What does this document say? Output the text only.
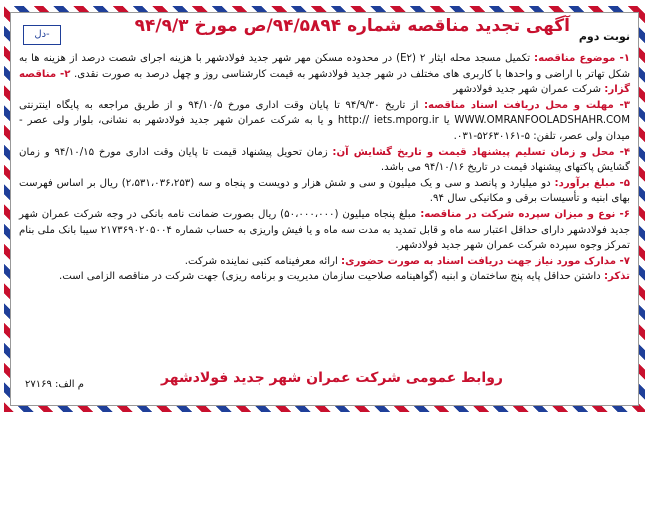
نوبت دوم
آگهی تجدید مناقصه شماره ۹۴/۵۸۹۴/ص مورخ ۹۴/۹/۳
دل-

۱- موضوع مناقصه: تکمیل مسجد محله ایثار ۲ (E۲) در محدوده مسکن مهر شهر جدید فولادشهر با هزینه اجرای شصت درصد از هزینه ها به شکل تهاتر با اراضی و واحدها با کاربری های مختلف در شهر جدید فولادشهر به قیمت کارشناسی روز و چهل درصد به صورت نقدی. ۲- مناقصه گزار: شرکت عمران شهر جدید فولادشهر

۳- مهلت و محل دریافت اسناد مناقصه: از تاریخ ۹۴/۹/۳۰ تا پایان وقت اداری مورخ ۹۴/۱۰/۵ و از طریق مراجعه به پایگاه اینترنتی WWW.OMRANFOOLADSHAHR.COM یا http:// iets.mporg.ir و یا به شرکت عمران شهر جدید فولادشهر به نشانی، بلوار ولی عصر - میدان ولی عصر، تلفن: ۵-۵۲۶۳۰۱۶۱-۰۳۱.

۴- محل و زمان تسلیم پیشنهاد قیمت و تاریخ گشایش آن: زمان تحویل پیشنهاد قیمت تا پایان وقت اداری مورخ ۹۴/۱۰/۱۵ و زمان گشایش پاکتهای پیشنهاد قیمت در تاریخ ۹۴/۱۰/۱۶ می باشد.

۵- مبلغ برآورد: دو میلیارد و پانصد و سی و یک میلیون و سی و شش هزار و دویست و پنجاه و سه (۲،۵۳۱،۰۳۶،۲۵۳) ریال بر اساس فهرست بهای ابنیه و تأسیسات برقی و مکانیکی سال ۹۴.

۶- نوع و میزان سپرده شرکت در مناقصه: مبلغ پنجاه میلیون (۵۰،۰۰۰،۰۰۰) ریال بصورت ضمانت نامه بانکی در وجه شرکت عمران شهر جدید فولادشهر دارای حداقل اعتبار سه ماه و قابل تمدید به مدت سه ماه و یا فیش واریزی به حساب شماره ۲۱۷۳۶۹۰۲۰۵۰۰۴ سیبا بانک ملی بنام تمرکز وجوه سپرده شرکت عمران شهر جدید فولادشهر.

۷- مدارک مورد نیاز جهت دریافت اسناد به صورت حضوری: ارائه معرفینامه کتبی نماینده شرکت.

تذکر: داشتن حداقل پایه پنج ساختمان و ابنیه (گواهینامه صلاحیت سازمان مدیریت و برنامه ریزی) جهت شرکت در مناقصه الزامی است.

روابط عمومی شرکت عمران شهر جدید فولادشهر
م الف: ۲۷۱۶۹
